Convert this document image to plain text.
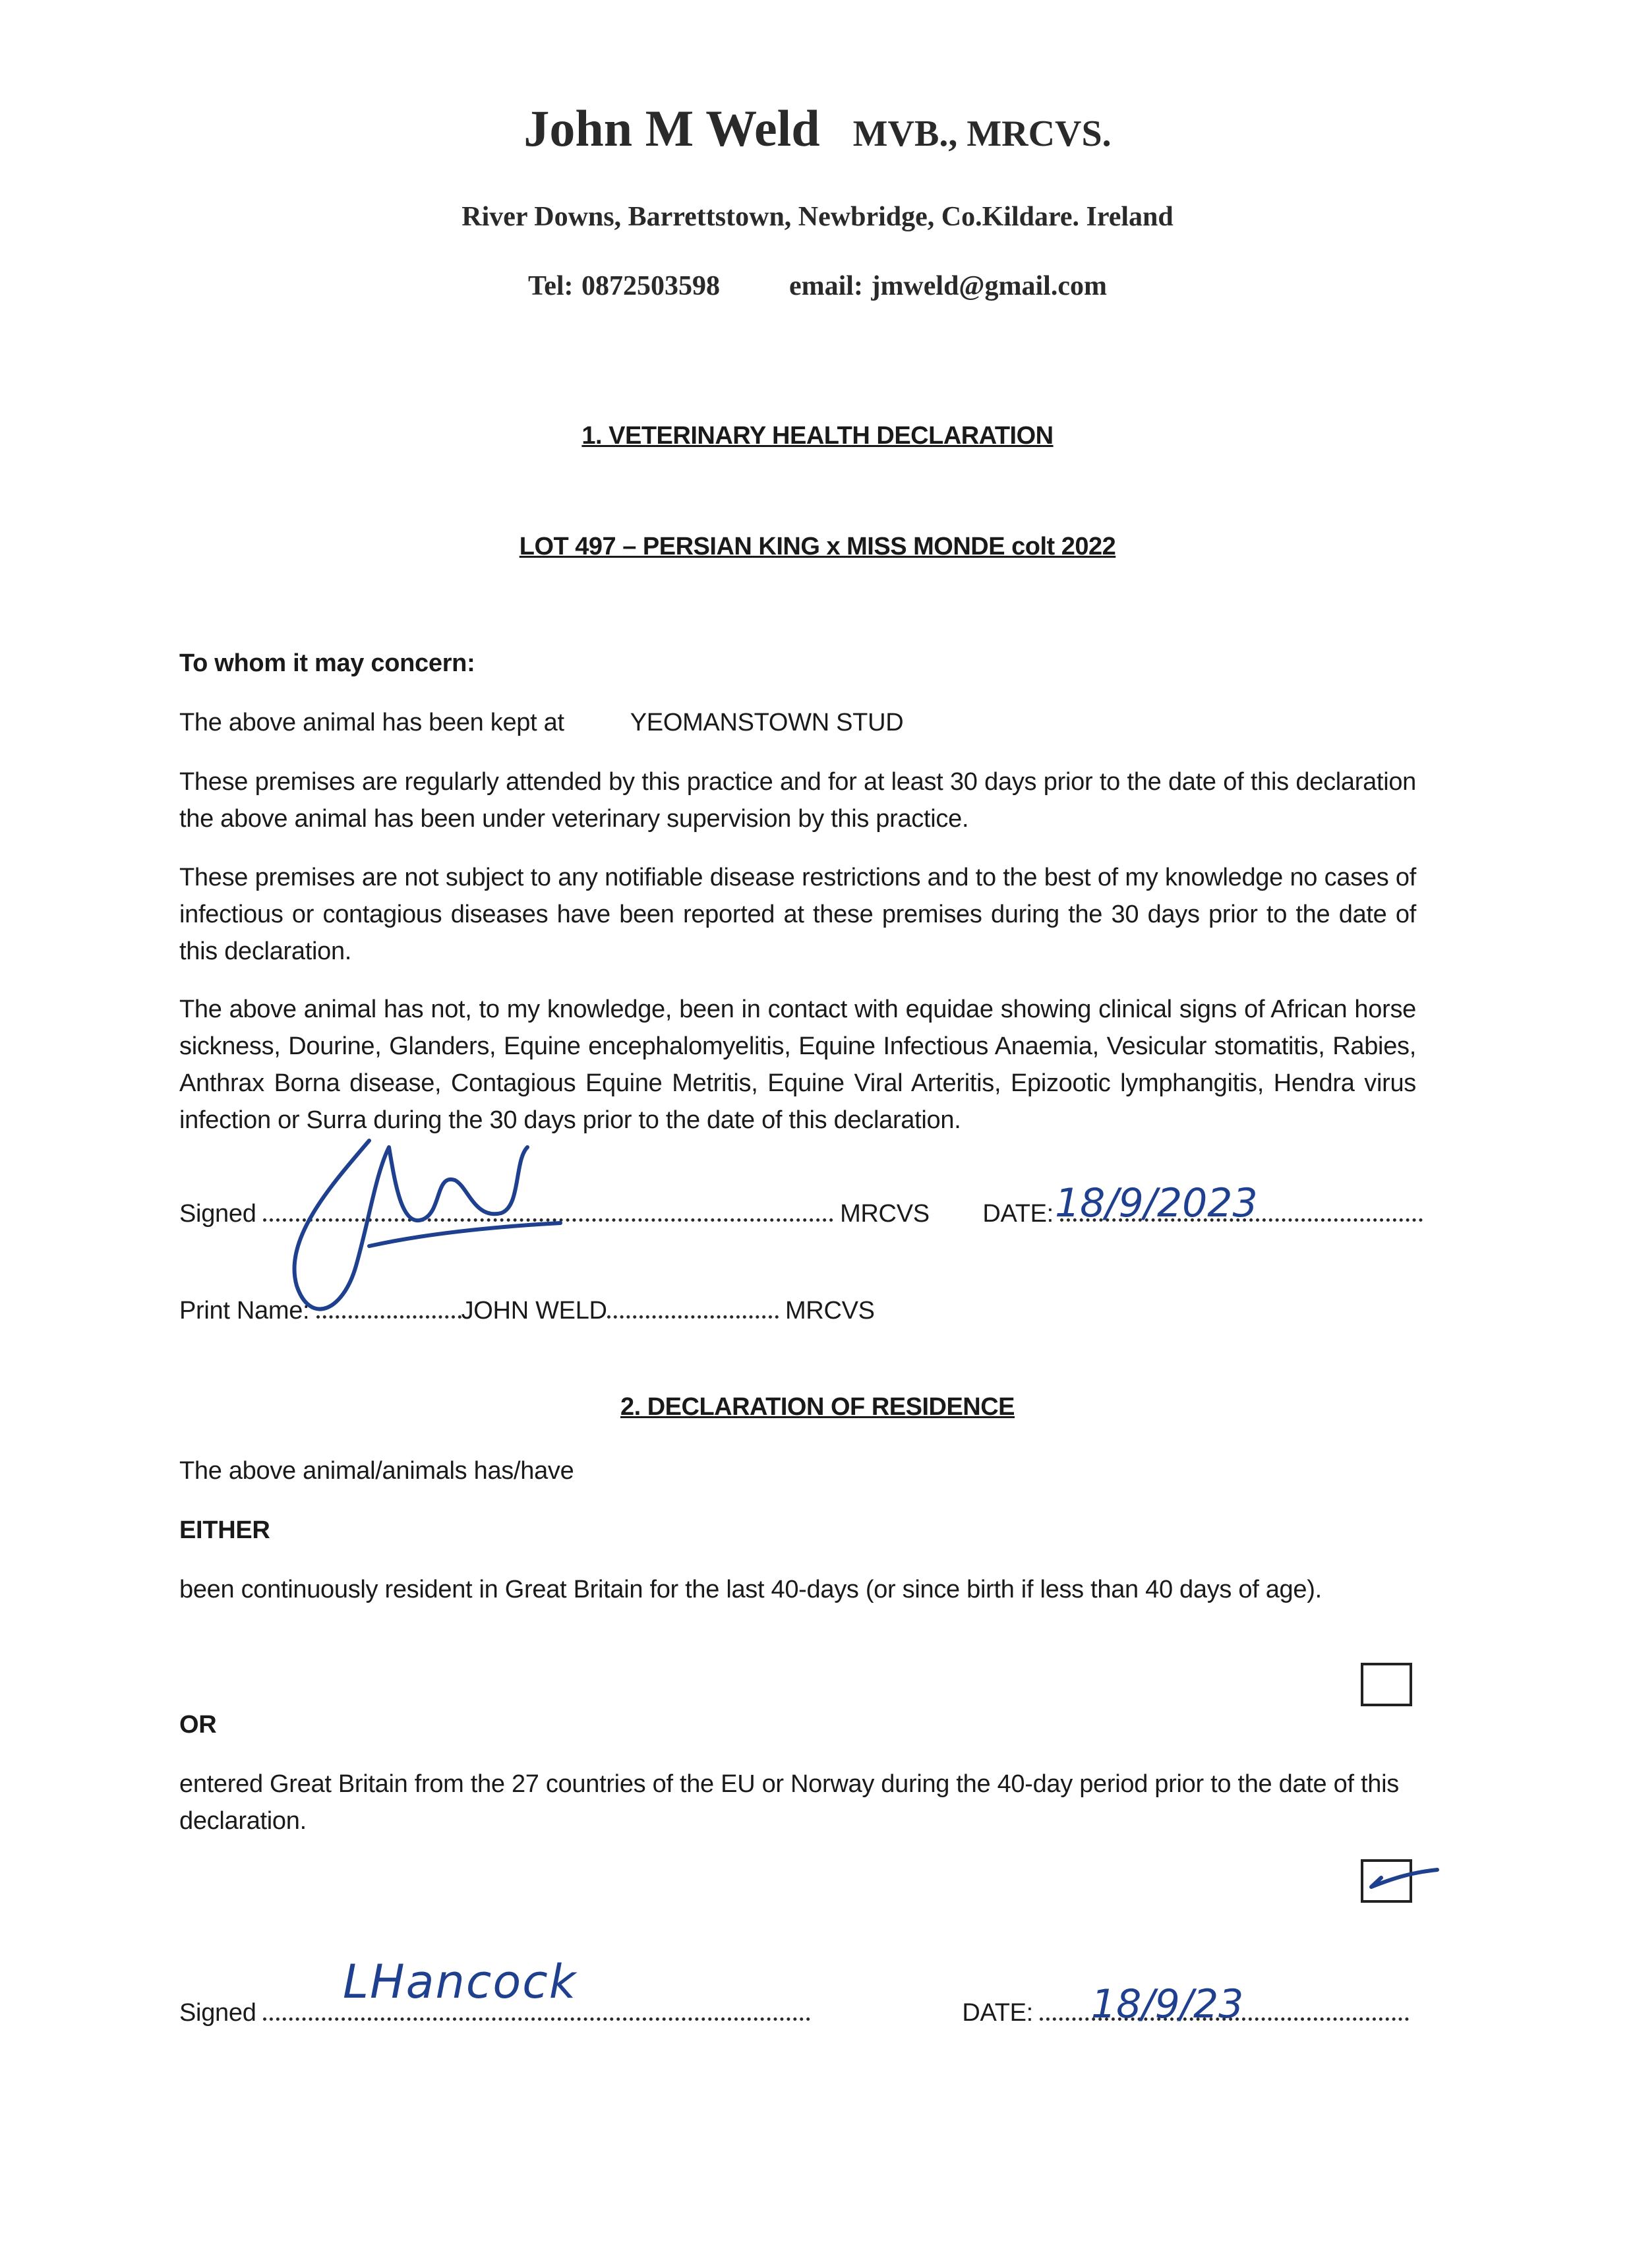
John M Weld MVB., MRCVS.
River Downs, Barrettstown, Newbridge, Co.Kildare. Ireland
Tel: 0872503598	email: jmweld@gmail.com
1. VETERINARY HEALTH DECLARATION
LOT 497 – PERSIAN KING x MISS MONDE colt 2022
To whom it may concern:
The above animal has been kept at	YEOMANSTOWN STUD
These premises are regularly attended by this practice and for at least 30 days prior to the date of this declaration the above animal has been under veterinary supervision by this practice.
These premises are not subject to any notifiable disease restrictions and to the best of my knowledge no cases of infectious or contagious diseases have been reported at these premises during the 30 days prior to the date of this declaration.
The above animal has not, to my knowledge, been in contact with equidae showing clinical signs of African horse sickness, Dourine, Glanders, Equine encephalomyelitis, Equine Infectious Anaemia, Vesicular stomatitis, Rabies, Anthrax Borna disease, Contagious Equine Metritis, Equine Viral Arteritis, Epizootic lymphangitis, Hendra virus infection or Surra during the 30 days prior to the date of this declaration.
Signed	MRCVS DATE: 18/9/2023
Print Name:	JOHN WELD	MRCVS
2. DECLARATION OF RESIDENCE
The above animal/animals has/have
EITHER
been continuously resident in Great Britain for the last 40-days (or since birth if less than 40 days of age).
OR
entered Great Britain from the 27 countries of the EU or Norway during the 40-day period prior to the date of this declaration.
Signed	DATE:
LHancock	18/9/23
